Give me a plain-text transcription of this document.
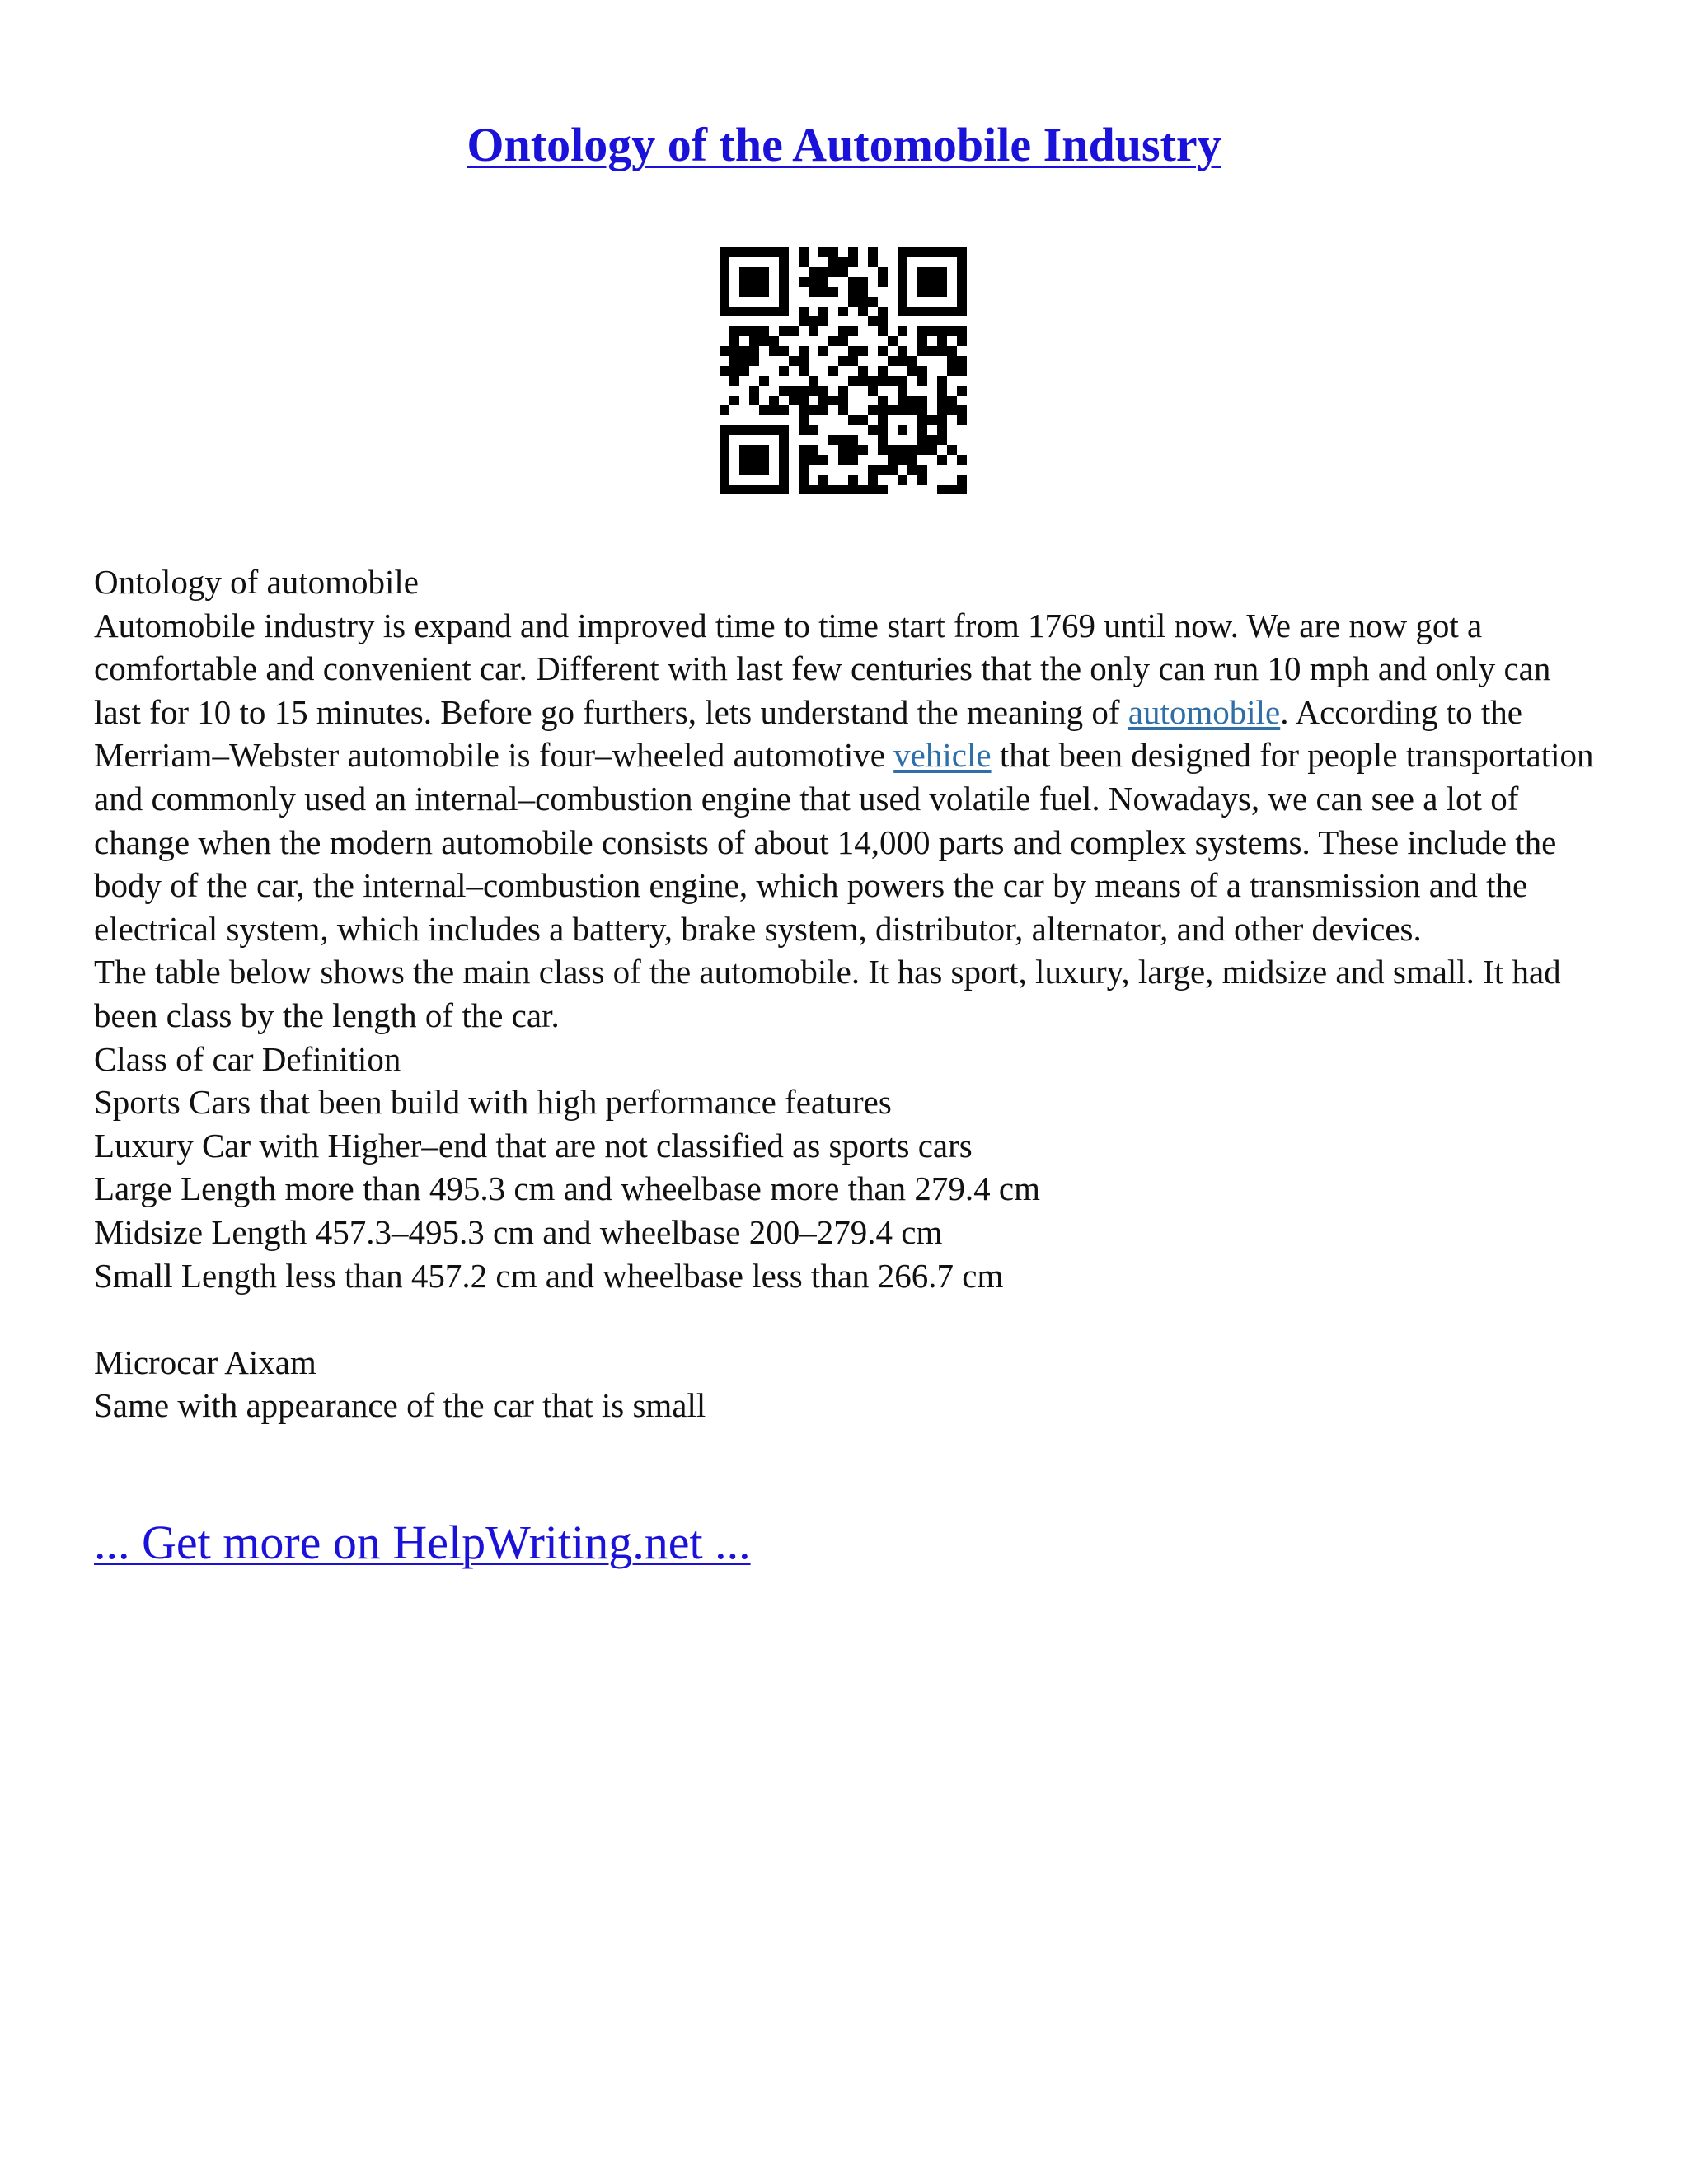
Ontology of the Automobile Industry

Ontology of automobile

Automobile industry is expand and improved time to time start from 1769 until now. We are now got a comfortable and convenient car. Different with last few centuries that the only can run 10 mph and only can last for 10 to 15 minutes. Before go furthers, lets understand the meaning of automobile. According to the Merriam–Webster automobile is four–wheeled automotive vehicle that been designed for people transportation and commonly used an internal–combustion engine that used volatile fuel. Nowadays, we can see a lot of change when the modern automobile consists of about 14,000 parts and complex systems. These include the body of the car, the internal–combustion engine, which powers the car by means of a transmission and the electrical system, which includes a battery, brake system, distributor, alternator, and other devices.

The table below shows the main class of the automobile. It has sport, luxury, large, midsize and small. It had been class by the length of the car.

Class of car Definition

Sports Cars that been build with high performance features

Luxury Car with Higher–end that are not classified as sports cars

Large Length more than 495.3 cm and wheelbase more than 279.4 cm

Midsize Length 457.3–495.3 cm and wheelbase 200–279.4 cm

Small Length less than 457.2 cm and wheelbase less than 266.7 cm

Microcar Aixam

Same with appearance of the car that is small

... Get more on HelpWriting.net ...
